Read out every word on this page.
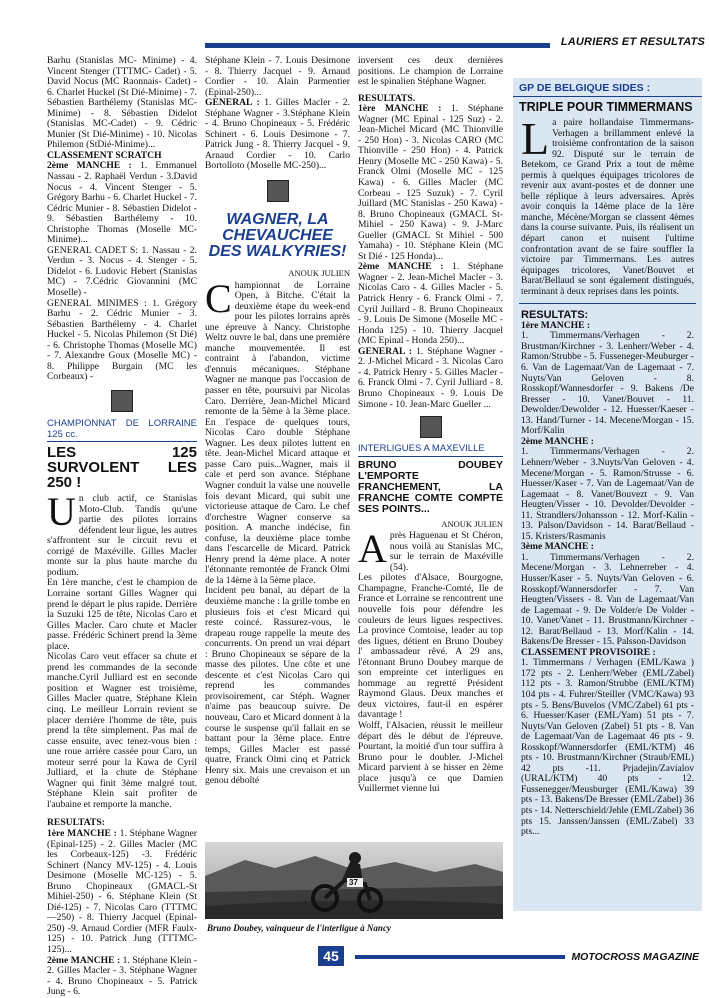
LAURIERS ET RESULTATS

Barhu (Stanislas MC- Minime) - 4. Vincent Stenger (TTTMC- Cadet) - 5. David Nocus (MC Raonnais- Cadet) - 6. Charlet Huckel (St Dié-Minime) - 7. Sébastien Barthélemy (Stanislas MC-Minime) - 8. Sébastien Didelot (Stanislas MC-Cadet) - 9. Cédric Munier (St Dié-Minime) - 10. Nicolas Philemon (StDié-Minime)...

CLASSEMENT SCRATCH

2ème MANCHE : 1. Emmanuel Nassau - 2. Raphaël Verdun - 3.David Nocus - 4. Vincent Stenger - 5. Grégory Barhu - 6. Charlet Huckel - 7. Cédric Munier - 8. Sébastien Didelot - 9. Sébastien Barthélemy - 10. Christophe Thomas (Moselle MC-Minime)...

GENERAL CADET S: 1. Nassau - 2. Verdun - 3. Nocus - 4. Stenger - 5. Didelot - 6. Ludovic Hebert (Stanislas MC) - 7.Cédric Giovannini (MC Moselle) -

GENERAL MINIMES : 1. Grégory Barhu - 2. Cédric Munier - 3. Sébastien Barthélemy - 4. Charlet Huckel - 5. Nicolas Philemon (St Dié) - 6. Christophe Thomas (Moselle MC) - 7. Alexandre Goux (Moselle MC) - 8. Philippe Burgain (MC les Corbeaux) -

CHAMPIONNAT DE LORRAINE 125 cc.
LES 125 SURVOLENT LES 250 !

Un club actif, ce Stanislas Moto-Club. Tandis qu'une partie des pilotes lorrains défendent leur ligue, les autres s'affrontent sur le circuit revu et corrigé de Maxéville. Gilles Macler monte sur la plus haute marche du podium.

En 1ère manche, c'est le champion de Lorraine sortant Gilles Wagner qui prend le départ le plus rapide. Derrière la Suzuki 125 de tête, Nicolas Caro et Gilles Macler. Caro chute et Macler passe. Frédéric Schinert prend la 3ème place.

Nicolas Caro veut effacer sa chute et prend les commandes de la seconde manche.Cyril Julliard est en seconde position et Wagner est troisième, Gilles Macler quatre, Stéphane Klein cinq. Le meilleur Lorrain revient se placer derrière l'homme de tête, puis prend la tête simplement. Pas mal de casse ensuite, avec tenez-vous bien : une roue arrière cassée pour Caro, un moteur serré pour la Kawa de Cyril Julliard, et la chute de Stéphane Wagner qui finit 3ème malgré tout. Stéphane Klein sait profiter de l'aubaine et remporte la manche.

RESULTATS:

1ère MANCHE : 1. Stéphane Wagner (Epinal-125) - 2. Gilles Macler (MC les Corbeaux-125) -3. Frédéric Schinert (Nancy MV-125) - 4. Louis Desimone (Moselle MC-125) - 5. Bruno Chopineaux (GMACL-St Mihiel-250) - 6. Stéphane Klein (St Dié-125) - 7. Nicolas Caro (TTTMC—250) - 8. Thierry Jacquel (Epinal-250) -9. Arnaud Cordier (MFR Faulx-125) - 10. Patrick Jung (TTTMC-125)...

2ème MANCHE : 1. Stéphane Klein - 2. Gilles Macler - 3. Stéphane Wagner - 4. Bruno Chopineaux - 5. Patrick Jung - 6.

Stéphane Klein - 7. Louis Desimone - 8. Thierry Jacquel - 9. Arnaud Cordier - 10. Alain Parmentier (Epinal-250)...

GENERAL : 1. Gilles Macler - 2. Stéphane Wagner - 3.Stéphane Klein - 4. Bruno Chopineaux - 5. Frédéric Schinert - 6. Louis Desimone - 7. Patrick Jung - 8. Thierry Jacquel - 9. Arnaud Cordier - 10. Carlo Bortolloto (Moselle MC-250)...

WAGNER, LA CHEVAUCHEE DES WALKYRIES!
ANOUK JULIEN

Championnat de Lorraine Open, à Bitche. C'était la deuxième étape du week-end pour les pilotes lorrains après une épreuve à Nancy. Christophe Weltz ouvre le bal, dans une première manche mouvementée. Il est contraint à l'abandon, victime d'ennuis mécaniques. Stéphane Wagner ne manque pas l'occasion de passer en tête, poursuivi par Nicolas Caro. Derrière, Jean-Michel Micard remonte de la 5ème à la 3ème place. En l'espace de quelques tours, Nicolas Caro double Stéphane Wagner. Les deux pilotes luttent en tête. Jean-Michel Micard attaque et passe Caro puis...Wagner, mais il cale et perd son avance. Stéphane Wagner conduit la valse une nouvelle fois devant Micard, qui subit une victorieuse attaque de Caro. Le chef d'orchestre Wagner conserve sa position. A manche indécise, fin confuse, la deuxième place tombe dans l'escarcelle de Micard. Patrick Henry prend la 4ème place. A noter l'étonnante remontée de Franck Olmi de la 14ème à la 5ème place.

Incident peu banal, au départ de la deuxième manche : la grille tombe en plusieurs fois et c'est Micard qui reste coincé. Rassurez-vous, le drapeau rouge rappelle la meute des concurrents. On prend un vrai départ : Bruno Chopineaux se sépare de la masse des pilotes. Une côte et une descente et c'est Nicolas Caro qui reprend les commandes provisoirement, car Stéph. Wagner n'aime pas beaucoup suivre. De nouveau, Caro et Micard donnent à la course le suspense qu'il fallait en se battant pour la 3ème place. Entre temps, Gilles Macler est passé quatre, Franck Olmi cinq et Patrick Henry six. Mais une crevaison et un genou déboîté

inversent ces deux dernières positions. Le champion de Lorraine est le spinalien Stéphane Wagner.

RESULTATS.

1ère MANCHE : 1. Stéphane Wagner (MC Epinal - 125 Suz) - 2. Jean-Michel Micard (MC Thionville - 250 Hon) - 3. Nicolas CARO (MC Thionville - 250 Hon) - 4. Patrick Henry (Moselle MC - 250 Kawa) - 5. Franck Olmi (Moselle MC - 125 Kawa) - 6. Gilles Macler (MC Corbeau - 125 Suzuk) - 7. Cyril Juillard (MC Stanislas - 250 Kawa) - 8. Bruno Chopineaux (GMACL St-Mihiel - 250 Kawa) - 9. J-Marc Gueller (GMACL St Mihiel - 500 Yamaha) - 10. Stéphane Klein (MC St Dié - 125 Honda)...

2ème MANCHE : 1. Stéphane Wagner - 2. Jean-Michel Macler - 3. Nicolas Caro - 4. Gilles Macler - 5. Patrick Henry - 6. Franck Olmi - 7. Cyril Juillard - 8. Bruno Chopineaux - 9. Louis De Simone (Moselle MC - Honda 125) - 10. Thierry Jacquel (MC Epinal - Honda 250)...

GENERAL : 1. Stéphane Wagner - 2. J-Michel Micard - 3. Nicolas Caro - 4. Patrick Henry - 5. Gilles Macler - 6. Franck Olmi - 7. Cyril Julliard - 8. Bruno Chopineaux - 9. Louis De Simone - 10. Jean-Marc Gueller ...

INTERLIGUES A MAXEVILLE
BRUNO DOUBEY L'EMPORTE FRANCHEMENT, LA FRANCHE COMTE COMPTE SES POINTS...
ANOUK JULIEN

Après Haguenau et St Chéron, nous voilà au Stanislas MC, sur le terrain de Maxéville (54).

Les pilotes d'Alsace, Bourgogne, Champagne, Franche-Comté, Ile de France et Lorraine se rencontrent une nouvelle fois pour défendre les couleurs de leurs ligues respectives. La province Comtoise, leader au top des ligues, détient en Bruno Doubey l' ambassadeur rêvé. A 29 ans, l'étonnant Bruno Doubey marque de son empreinte cet interligues en hommage au regretté Président Raymond Glaus. Deux manches et deux victoires, faut-il en espérer davantage !

Wolff, l'Alsacien, réussit le meilleur départ dès le début de l'épreuve. Pourtant, la moitié d'un tour suffira à Bruno pour le doubler. J-Michel Micard parvient à se hisser en 2ème place jusqu'à ce que Damien Vuillermet vienne lui

GP DE BELGIQUE SIDES :
TRIPLE POUR TIMMERMANS

La paire hollandaise Timmermans-Verhagen a brillamment enlevé la troisième confrontation de la saison 92. Disputé sur le terrain de Betekom, ce Grand Prix a tout de même permis à quelques équipages tricolores de revenir aux avant-postes et de donner une belle réplique à leurs adversaires. Après avoir conquis la 14ème place de la 1ère manche, Mécène/Morgan se classent 4èmes dans la course suivante. Puis, ils réalisent un départ canon et nuisent l'ultime confrontation avant de se faire souffler la victoire par Timmermans. Les autres équipages tricolores, Vanet/Bouvet et Barat/Bellaud se sont également distingués, terminant à deux reprises dans les points.

RESULTATS:

1ère MANCHE :

1. Timmermans/Verhagen - 2. Brustman/Kirchner - 3. Lenherr/Weber - 4. Ramon/Strubbe - 5. Fusseneger-Meuburger - 6. Van de Lagemaat/Van de Lagemaat - 7. Nuyts/Van Geloven - 8. Rosskopf/Wannesdorfer - 9. Bakens /De Bresser - 10. Vanet/Bouvet - 11. Dewolder/Dewolder - 12. Huesser/Kaeser - 13. Hand/Turner - 14. Mecene/Morgan - 15. Morf/Kalin

2ème MANCHE :

1. Timmermans/Verhagen - 2. Lehnerr/Weber - 3.Nuyts/Van Geloven - 4. Mecene/Morgan - 5. Ramon/Strusse - 6. Huesser/Kaser - 7. Van de Lagemaat/Van de Lagemaat - 8. Vanet/Bouvezt - 9. Van Heugten/Visser - 10. Devolder/Devolder - 11. Strandlers/Johansson - 12. Morf-Kalin - 13. Palson/Davidson - 14. Barat/Bellaud - 15. Kristers/Rasmanis

3ème MANCHE :

1. Timmermans/Verhagen - 2. Mecene/Morgan - 3. Lehnerreber - 4. Husser/Kaser - 5. Nuyts/Van Geloven - 6. Rosskopf/Wannersdorfer - 7. Van Heugten/Vissers - 8. Van de Lagemaat/Van de Lagemaat - 9. De Volder/e De Volder - 10. Vanet/Vanet - 11. Brustmann/Kirchner - 12. Barat/Bellaud - 13. Morf/Kalin - 14. Bakens/De Bresser - 15. Palsson-Davidson

CLASSEMENT PROVISOIRE :

1. Timmermans / Verhagen (EML/Kawa ) 172 pts - 2. Lenherr/Weber (EML/Zabel) 112 pts - 3. Ramon/Strubbe (EML/KTM) 104 pts - 4. Fuhrer/Steiller (VMC/Kawa) 93 pts - 5. Bens/Buvelos (VMC/Zabel) 61 pts - 6. Huesser/Kaser (EML/Yam) 51 pts - 7. Nuyts/Van Geloven (Zabel) 51 pts - 8. Van de Lagemaat/Van de Lagemaat 46 pts - 9. Rosskopf/Wannersdorfer (EML/KTM) 46 pts - 10. Brustmann/Kirchner (Straub/EML) 42 pts -11. Prjadejin/Zavialov (URAL/KTM) 40 pts - 12. Fussenegger/Meusburger (EML/Kawa) 39 pts - 13. Bakens/De Bresser (EML/Zabel) 36 pts - 14. Netterschield/Jehle (EML/Zabel) 36 pts 15. Janssen/Janssen (EML/Zabel) 33 pts...

37
Bruno Doubey, vainqueur de l'interligue à Nancy
45	MOTOCROSS MAGAZINE
